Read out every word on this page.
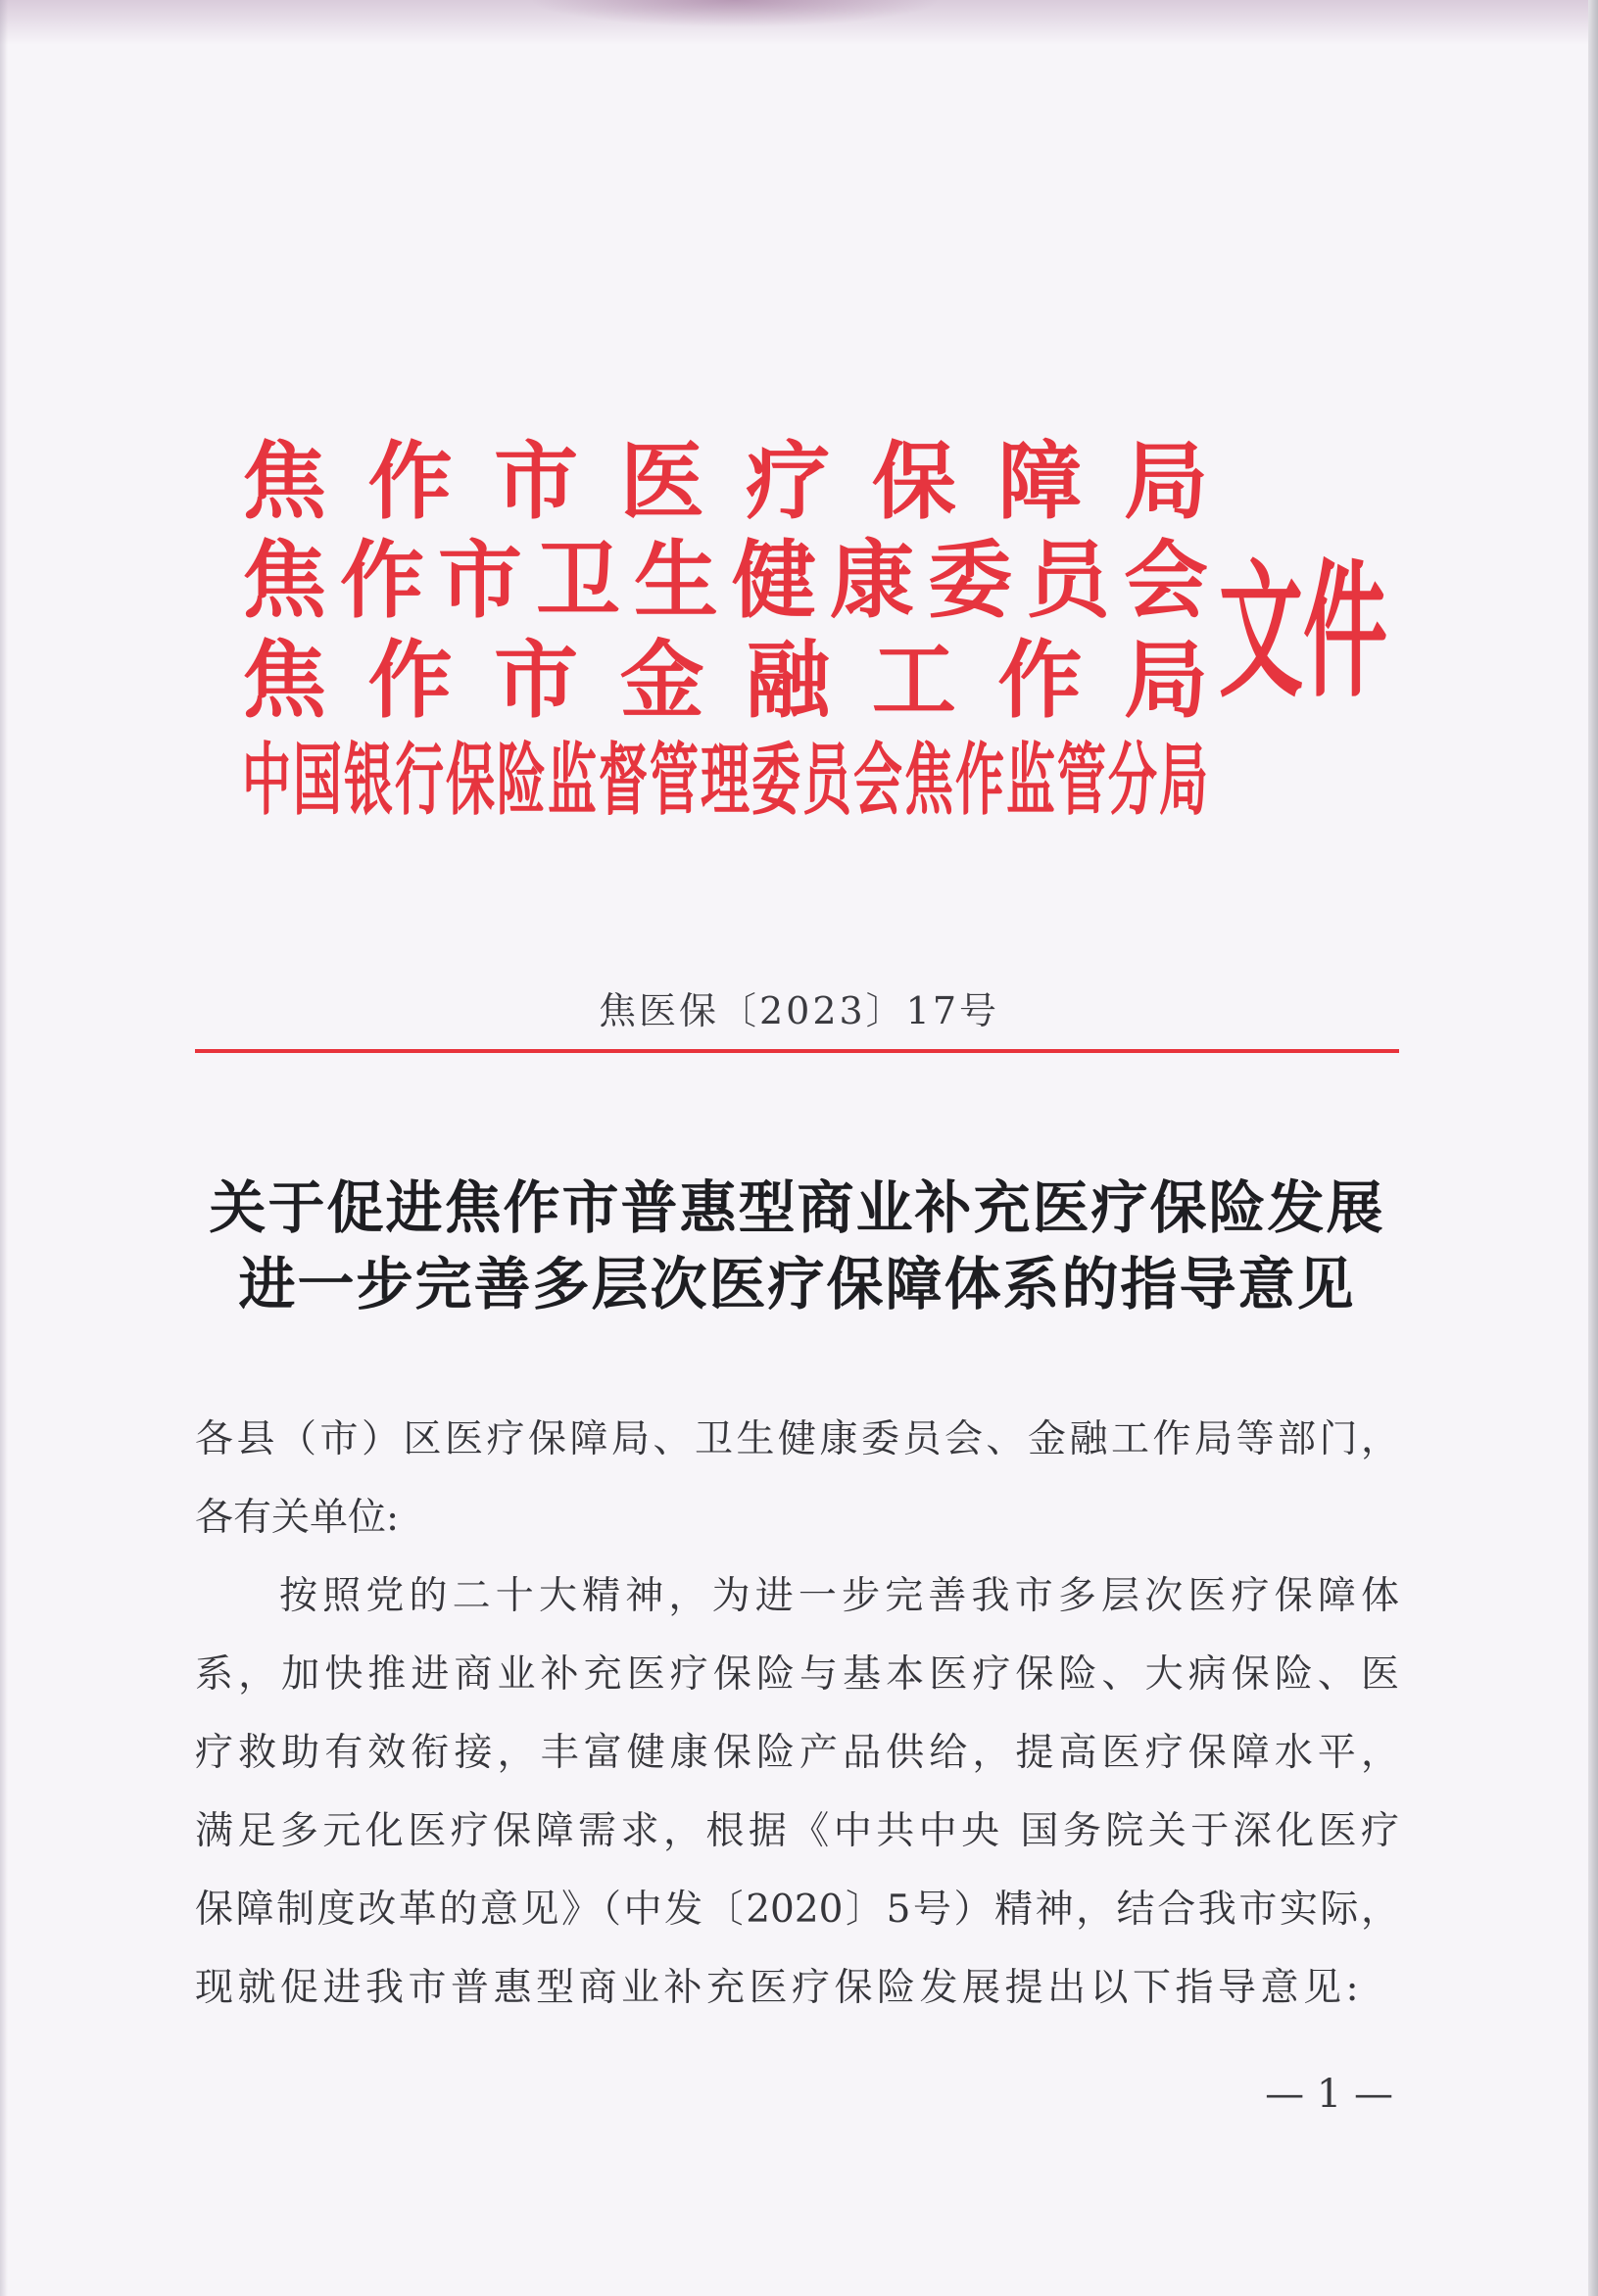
焦作市医疗保障局
焦作市卫生健康委员会
焦作市金融工作局
中国银行保险监督管理委员会焦作监管分局
文件
焦医保〔2023〕17号
关于促进焦作市普惠型商业补充医疗保险发展
进一步完善多层次医疗保障体系的指导意见
各县（市）区医疗保障局、卫生健康委员会、金融工作局等部门，
各有关单位:
按照党的二十大精神，为进一步完善我市多层次医疗保障体
系，加快推进商业补充医疗保险与基本医疗保险、大病保险、医
疗救助有效衔接，丰富健康保险产品供给，提高医疗保障水平，
满足多元化医疗保障需求，根据《中共中央 国务院关于深化医疗
保障制度改革的意见》（中发〔2020〕5号）精神，结合我市实际，
现就促进我市普惠型商业补充医疗保险发展提出以下指导意见:
— 1 —
